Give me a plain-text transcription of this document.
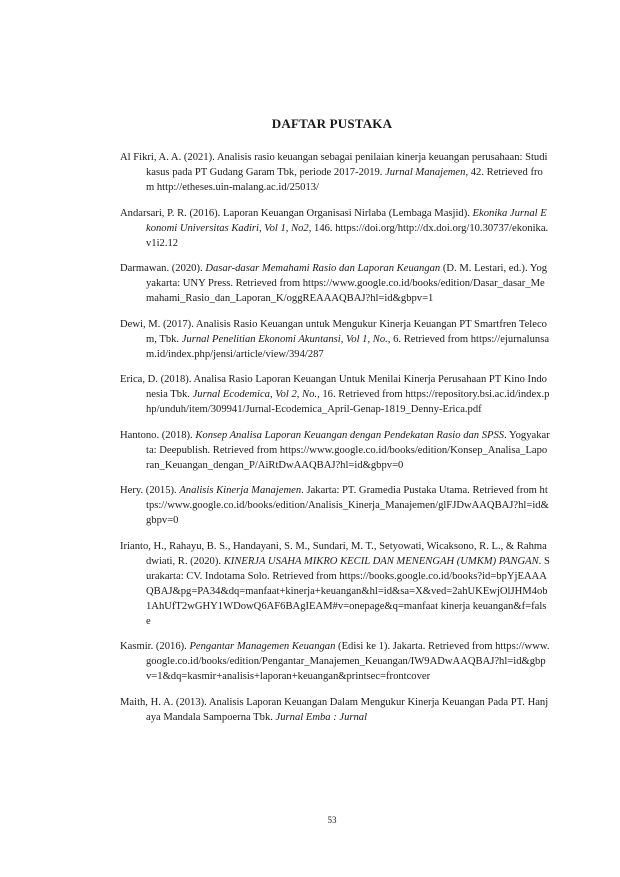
DAFTAR PUSTAKA

Al Fikri, A. A. (2021). Analisis rasio keuangan sebagai penilaian kinerja keuangan perusahaan: Studi kasus pada PT Gudang Garam Tbk, periode 2017-2019. Jurnal Manajemen, 42. Retrieved from http://etheses.uin-malang.ac.id/25013/

Andarsari, P. R. (2016). Laporan Keuangan Organisasi Nirlaba (Lembaga Masjid). Ekonika Jurnal Ekonomi Universitas Kadiri, Vol 1, No2, 146. https://doi.org/http://dx.doi.org/10.30737/ekonika.v1i2.12

Darmawan. (2020). Dasar-dasar Memahami Rasio dan Laporan Keuangan (D. M. Lestari, ed.). Yogyakarta: UNY Press. Retrieved from https://www.google.co.id/books/edition/Dasar_dasar_Memahami_Rasio_dan_Laporan_K/oggREAAAQBAJ?hl=id&gbpv=1

Dewi, M. (2017). Analisis Rasio Keuangan untuk Mengukur Kinerja Keuangan PT Smartfren Telecom, Tbk. Jurnal Penelitian Ekonomi Akuntansi, Vol 1, No., 6. Retrieved from https://ejurnalunsam.id/index.php/jensi/article/view/394/287

Erica, D. (2018). Analisa Rasio Laporan Keuangan Untuk Menilai Kinerja Perusahaan PT Kino Indonesia Tbk. Jurnal Ecodemica, Vol 2, No., 16. Retrieved from https://repository.bsi.ac.id/index.php/unduh/item/309941/Jurnal-Ecodemica_April-Genap-1819_Denny-Erica.pdf

Hantono. (2018). Konsep Analisa Laporan Keuangan dengan Pendekatan Rasio dan SPSS. Yogyakarta: Deepublish. Retrieved from https://www.google.co.id/books/edition/Konsep_Analisa_Laporan_Keuangan_dengan_P/AiRtDwAAQBAJ?hl=id&gbpv=0

Hery. (2015). Analisis Kinerja Manajemen. Jakarta: PT. Gramedia Pustaka Utama. Retrieved from https://www.google.co.id/books/edition/Analisis_Kinerja_Manajemen/glFJDwAAQBAJ?hl=id&gbpv=0

Irianto, H., Rahayu, B. S., Handayani, S. M., Sundari, M. T., Setyowati, Wicaksono, R. L., & Rahmadwiati, R. (2020). KINERJA USAHA MIKRO KECIL DAN MENENGAH (UMKM) PANGAN. Surakarta: CV. Indotama Solo. Retrieved from https://books.google.co.id/books?id=bpYjEAAAQBAJ&pg=PA34&dq=manfaat+kinerja+keuangan&hl=id&sa=X&ved=2ahUKEwjOlJHM4ob1AhUfT2wGHY1WDowQ6AF6BAgIEAM#v=onepage&q=manfaat kinerja keuangan&f=false

Kasmir. (2016). Pengantar Managemen Keuangan (Edisi ke 1). Jakarta. Retrieved from https://www.google.co.id/books/edition/Pengantar_Manajemen_Keuangan/IW9ADwAAQBAJ?hl=id&gbpv=1&dq=kasmir+analisis+laporan+keuangan&printsec=frontcover

Maith, H. A. (2013). Analisis Laporan Keuangan Dalam Mengukur Kinerja Keuangan Pada PT. Hanjaya Mandala Sampoerna Tbk. Jurnal Emba : Jurnal

53
